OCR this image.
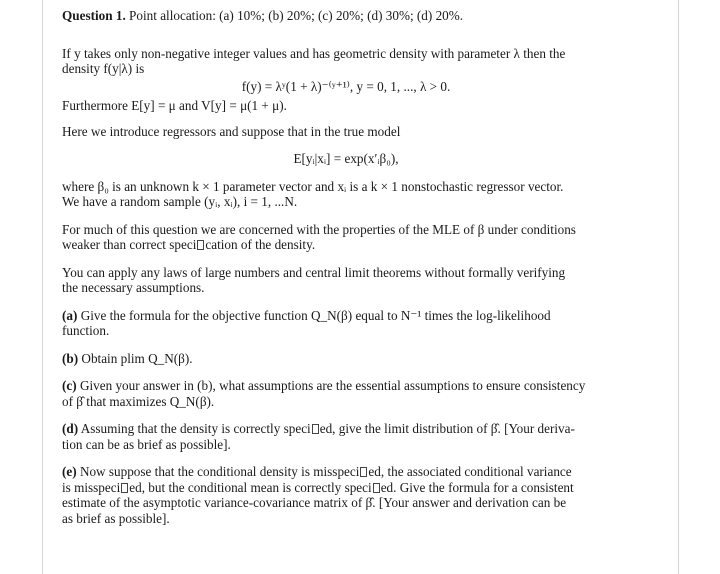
Question 1. Point allocation: (a) 10%; (b) 20%; (c) 20%; (d) 30%; (d) 20%.
If y takes only non-negative integer values and has geometric density with parameter λ then the
density f(y|λ) is
f(y) = λʸ(1 + λ)⁻⁽ʸ⁺¹⁾, y = 0, 1, ..., λ > 0.
Furthermore E[y] = μ and V[y] = μ(1 + μ).
Here we introduce regressors and suppose that in the true model
E[yᵢ|xᵢ] = exp(x′ᵢβ₀),
where β₀ is an unknown k × 1 parameter vector and xᵢ is a k × 1 nonstochastic regressor vector.
We have a random sample (yᵢ, xᵢ), i = 1, ...N.
For much of this question we are concerned with the properties of the MLE of β under conditions
weaker than correct speci cation of the density.
You can apply any laws of large numbers and central limit theorems without formally verifying
the necessary assumptions.
(a) Give the formula for the objective function Q_N(β) equal to N⁻¹ times the log-likelihood
function.
(b) Obtain plim Q_N(β).
(c) Given your answer in (b), what assumptions are the essential assumptions to ensure consistency
of β̂ that maximizes Q_N(β).
(d) Assuming that the density is correctly speci ed, give the limit distribution of β̂. [Your deriva-
tion can be as brief as possible].
(e) Now suppose that the conditional density is misspeci ed, the associated conditional variance
is misspeci ed, but the conditional mean is correctly speci ed. Give the formula for a consistent
estimate of the asymptotic variance-covariance matrix of β̂. [Your answer and derivation can be
as brief as possible].
